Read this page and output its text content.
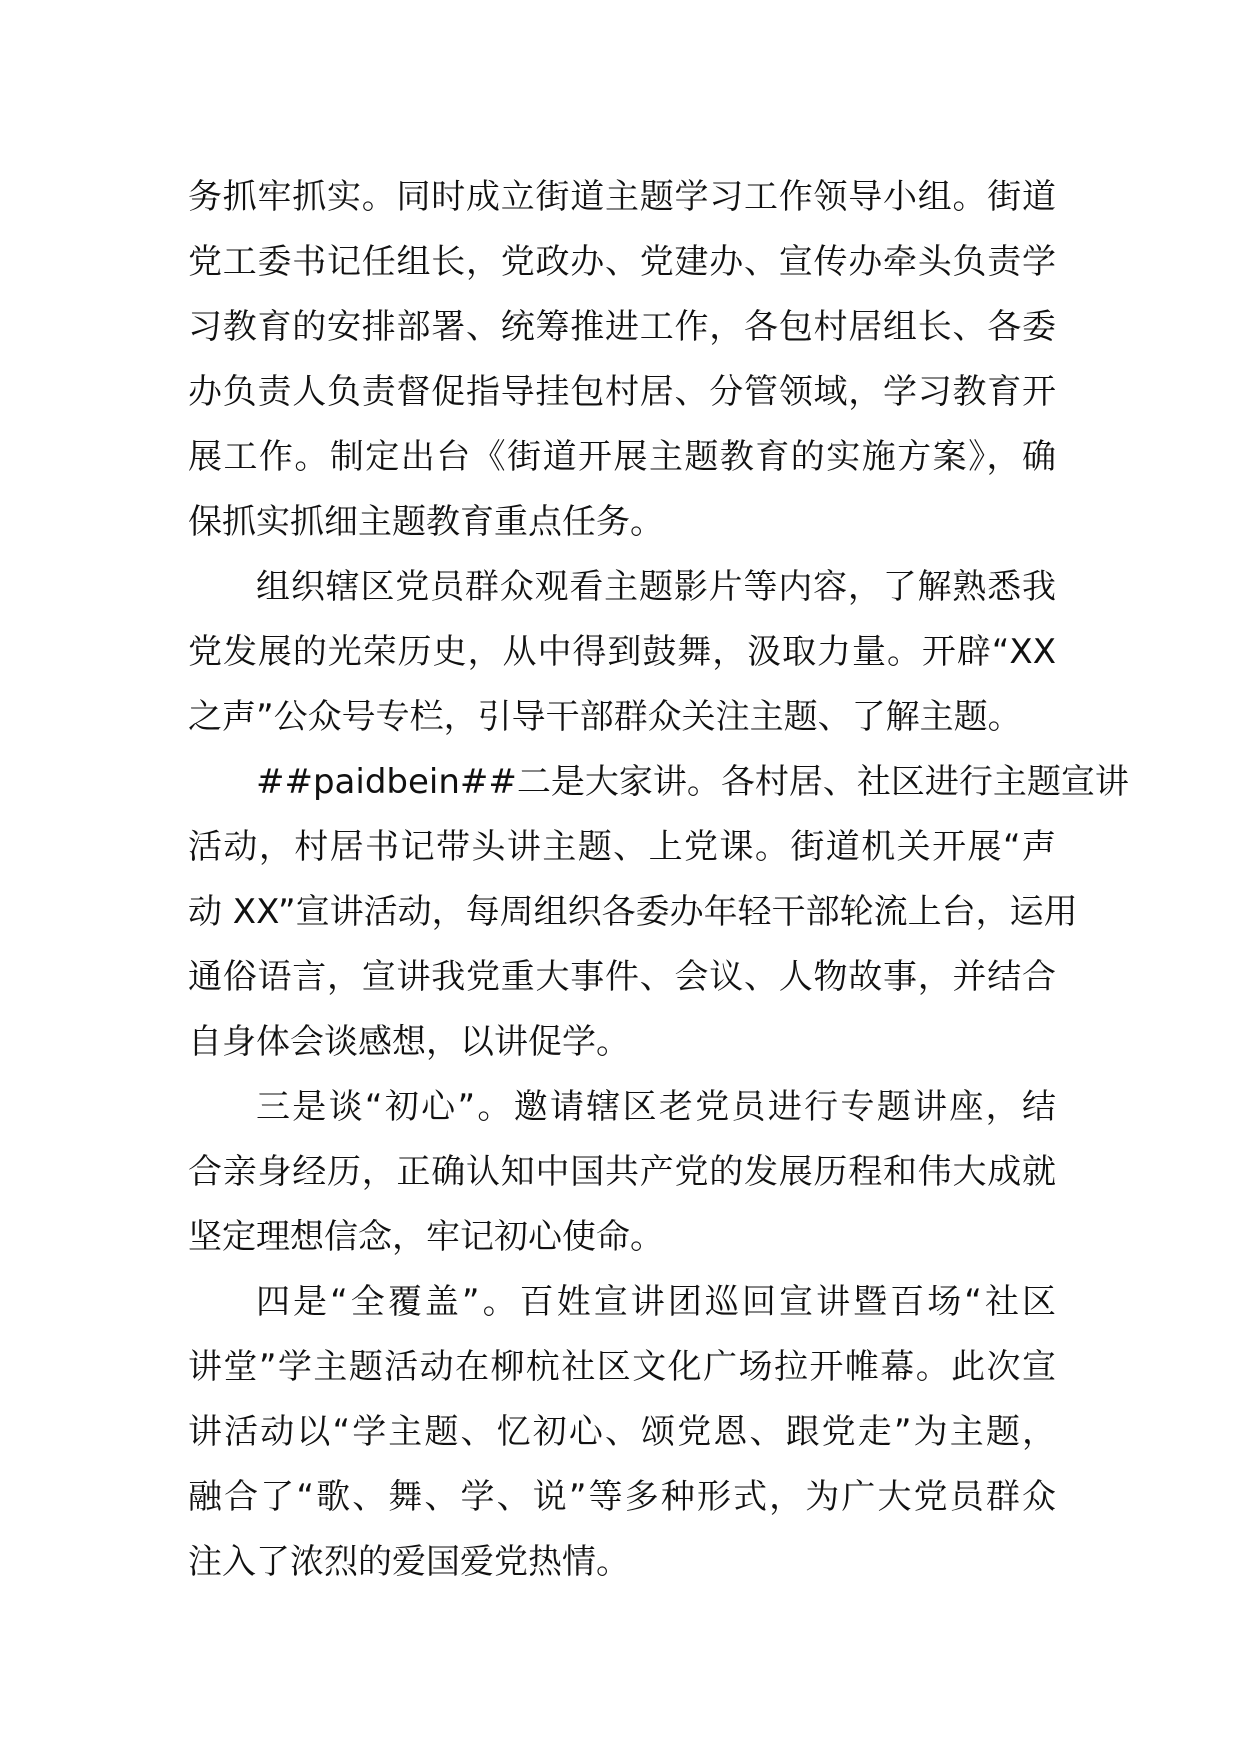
务抓牢抓实。同时成立街道主题学习工作领导小组。街道
党工委书记任组长，党政办、党建办、宣传办牵头负责学
习教育的安排部署、统筹推进工作，各包村居组长、各委
办负责人负责督促指导挂包村居、分管领域，学习教育开
展工作。制定出台《街道开展主题教育的实施方案》，确
保抓实抓细主题教育重点任务。
组织辖区党员群众观看主题影片等内容，了解熟悉我
党发展的光荣历史，从中得到鼓舞，汲取力量。开辟“XX
之声”公众号专栏，引导干部群众关注主题、了解主题。
##paidbein##二是大家讲。各村居、社区进行主题宣讲
活动，村居书记带头讲主题、上党课。街道机关开展“声
动 XX”宣讲活动，每周组织各委办年轻干部轮流上台，运用
通俗语言，宣讲我党重大事件、会议、人物故事，并结合
自身体会谈感想，以讲促学。
三是谈“初心”。邀请辖区老党员进行专题讲座，结
合亲身经历，正确认知中国共产党的发展历程和伟大成就
坚定理想信念，牢记初心使命。
四是“全覆盖”。百姓宣讲团巡回宣讲暨百场“社区
讲堂”学主题活动在柳杭社区文化广场拉开帷幕。此次宣
讲活动以“学主题、忆初心、颂党恩、跟党走”为主题，
融合了“歌、舞、学、说”等多种形式，为广大党员群众
注入了浓烈的爱国爱党热情。
